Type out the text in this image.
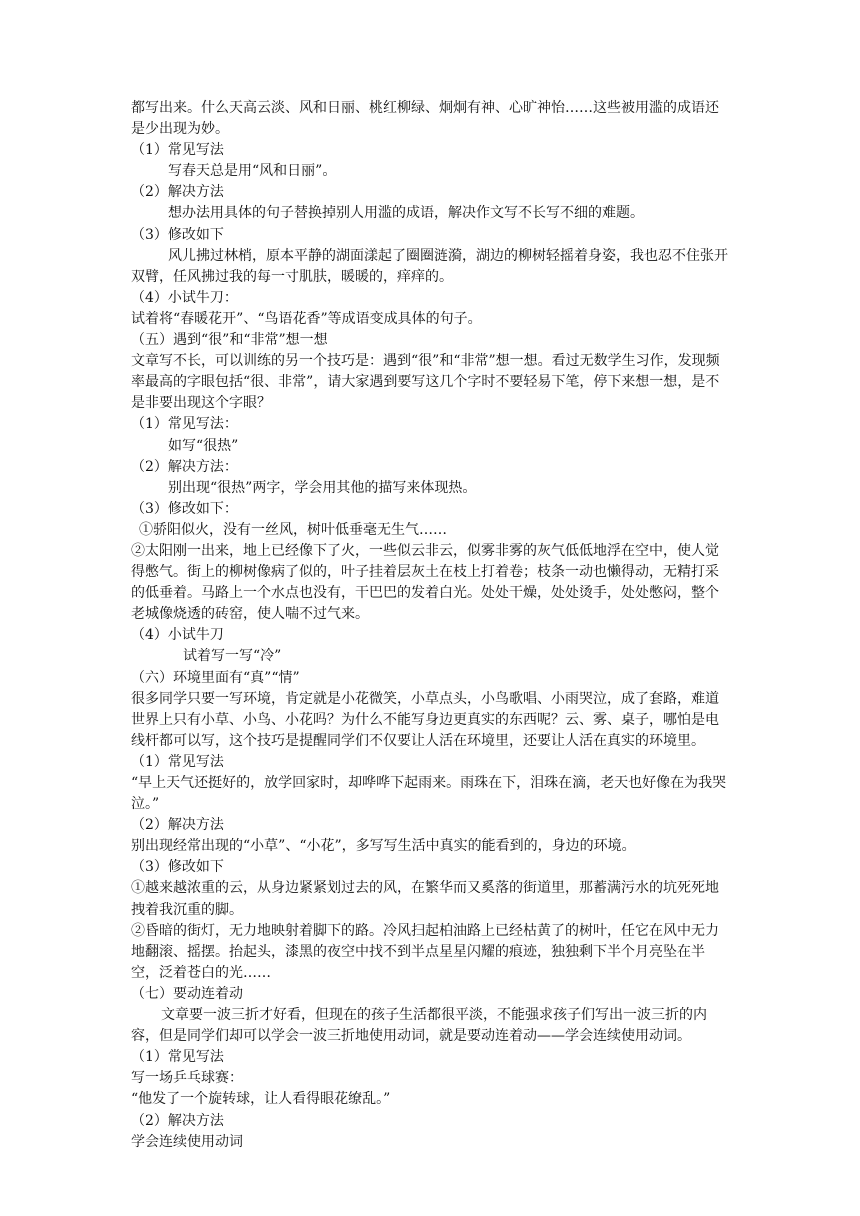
都写出来。什么天高云淡、风和日丽、桃红柳绿、炯炯有神、心旷神怡……这些被用滥的成语还是少出现为妙。

（1）常见写法

写春天总是用“风和日丽”。

（2）解决方法

想办法用具体的句子替换掉别人用滥的成语，解决作文写不长写不细的难题。

（3）修改如下

风儿拂过林梢，原本平静的湖面漾起了圈圈涟漪，湖边的柳树轻摇着身姿，我也忍不住张开双臂，任风拂过我的每一寸肌肤，暖暖的，痒痒的。

（4）小试牛刀：

试着将“春暖花开”、“鸟语花香”等成语变成具体的句子。

（五）遇到“很”和“非常”想一想

文章写不长，可以训练的另一个技巧是：遇到“很”和“非常”想一想。看过无数学生习作，发现频率最高的字眼包括“很、非常”，请大家遇到要写这几个字时不要轻易下笔，停下来想一想，是不是非要出现这个字眼？

（1）常见写法：

如写“很热”

（2）解决方法：

别出现“很热”两字，学会用其他的描写来体现热。

（3）修改如下：

①骄阳似火，没有一丝风，树叶低垂毫无生气……

②太阳刚一出来，地上已经像下了火，一些似云非云，似雾非雾的灰气低低地浮在空中，使人觉得憋气。街上的柳树像病了似的，叶子挂着层灰土在枝上打着卷；枝条一动也懒得动，无精打采的低垂着。马路上一个水点也没有，干巴巴的发着白光。处处干燥，处处烫手，处处憋闷，整个老城像烧透的砖窑，使人喘不过气来。

（4）小试牛刀

试着写一写“冷”

（六）环境里面有“真”“情”

很多同学只要一写环境，肯定就是小花微笑，小草点头，小鸟歌唱、小雨哭泣，成了套路，难道世界上只有小草、小鸟、小花吗？为什么不能写身边更真实的东西呢？云、雾、桌子，哪怕是电线杆都可以写，这个技巧是提醒同学们不仅要让人活在环境里，还要让人活在真实的环境里。

（1）常见写法

“早上天气还挺好的，放学回家时，却哗哗下起雨来。雨珠在下，泪珠在滴，老天也好像在为我哭泣。”

（2）解决方法

别出现经常出现的“小草”、“小花”，多写写生活中真实的能看到的，身边的环境。

（3）修改如下

①越来越浓重的云，从身边紧紧划过去的风，在繁华而又奚落的街道里，那蓄满污水的坑死死地拽着我沉重的脚。

②昏暗的街灯，无力地映射着脚下的路。冷风扫起柏油路上已经枯黄了的树叶，任它在风中无力地翻滚、摇摆。抬起头，漆黑的夜空中找不到半点星星闪耀的痕迹，独独剩下半个月亮坠在半空，泛着苍白的光……

（七）要动连着动

文章要一波三折才好看，但现在的孩子生活都很平淡，不能强求孩子们写出一波三折的内容，但是同学们却可以学会一波三折地使用动词，就是要动连着动——学会连续使用动词。

（1）常见写法

写一场乒乓球赛：

“他发了一个旋转球，让人看得眼花缭乱。”

（2）解决方法

学会连续使用动词
